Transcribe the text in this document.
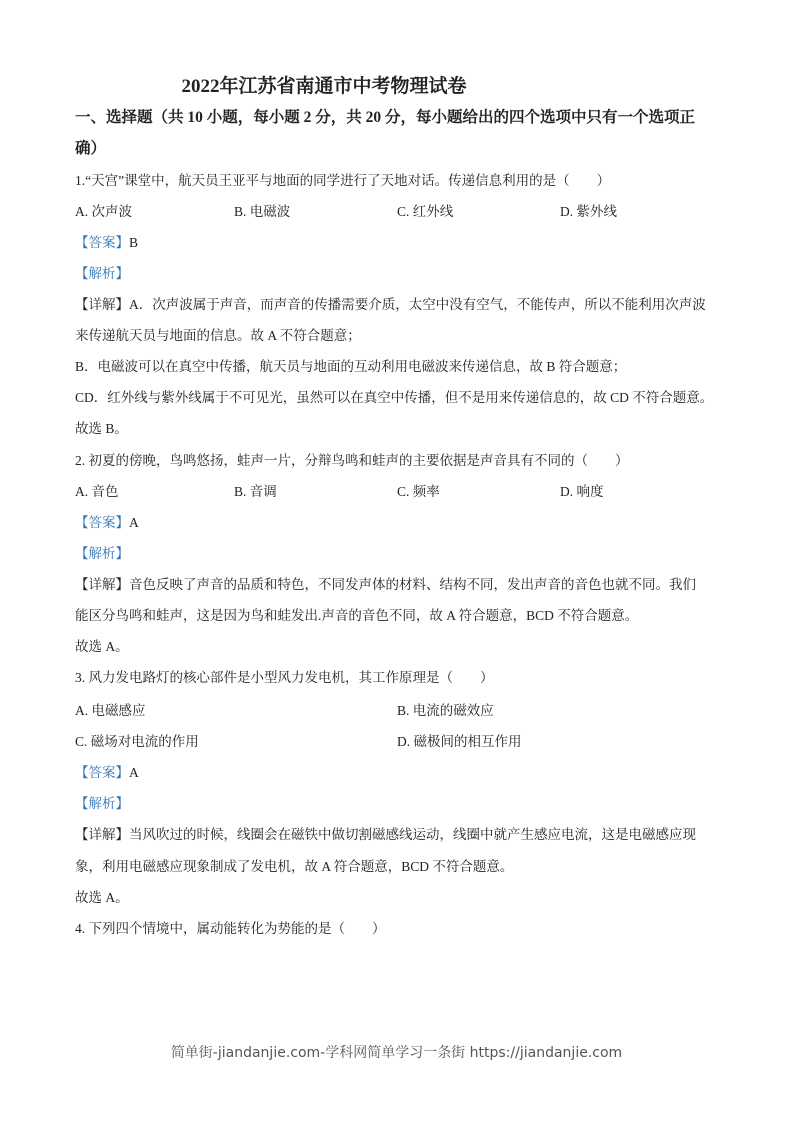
2022年江苏省南通市中考物理试卷
一、选择题（共 10 小题，每小题 2 分，共 20 分，每小题给出的四个选项中只有一个选项正
确）
1.“天宫”课堂中，航天员王亚平与地面的同学进行了天地对话。传递信息利用的是（　　）
A. 次声波	B. 电磁波	C. 红外线	D. 紫外线
【答案】B
【解析】
【详解】A．次声波属于声音，而声音的传播需要介质，太空中没有空气，不能传声，所以不能利用次声波
来传递航天员与地面的信息。故 A 不符合题意；
B．电磁波可以在真空中传播，航天员与地面的互动利用电磁波来传递信息，故 B 符合题意；
CD．红外线与紫外线属于不可见光，虽然可以在真空中传播，但不是用来传递信息的，故 CD 不符合题意。
故选 B。
2. 初夏的傍晚，鸟鸣悠扬，蛙声一片，分辩鸟鸣和蛙声的主要依据是声音具有不同的（　　）
A. 音色	B. 音调	C. 频率	D. 响度
【答案】A
【解析】
【详解】音色反映了声音的品质和特色，不同发声体的材料、结构不同，发出声音的音色也就不同。我们
能区分鸟鸣和蛙声，这是因为鸟和蛙发出.声音的音色不同，故 A 符合题意，BCD 不符合题意。
故选 A。
3. 风力发电路灯的核心部件是小型风力发电机，其工作原理是（　　）
A. 电磁感应	B. 电流的磁效应
C. 磁场对电流的作用	D. 磁极间的相互作用
【答案】A
【解析】
【详解】当风吹过的时候，线圈会在磁铁中做切割磁感线运动，线圈中就产生感应电流，这是电磁感应现
象，利用电磁感应现象制成了发电机，故 A 符合题意，BCD 不符合题意。
故选 A。
4. 下列四个情境中，属动能转化为势能的是（　　）
简单街-jiandanjie.com-学科网简单学习一条街 https://jiandanjie.com
